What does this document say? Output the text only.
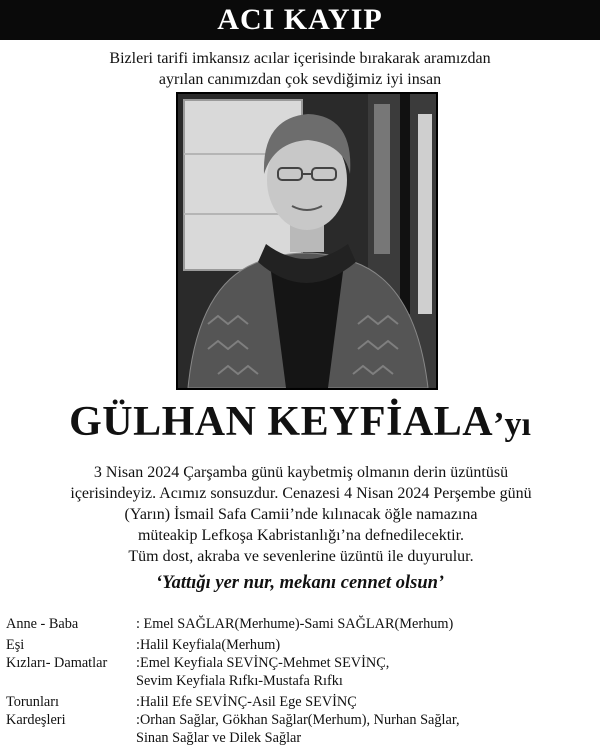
ACI KAYIP
Bizleri tarifi imkansız acılar içerisinde bırakarak aramızdan
ayrılan canımızdan çok sevdiğimiz iyi insan
GÜLHAN KEYFİALA’yı
3 Nisan 2024 Çarşamba günü kaybetmiş olmanın derin üzüntüsü
içerisindeyiz. Acımız sonsuzdur. Cenazesi 4 Nisan 2024 Perşembe günü
(Yarın) İsmail Safa Camii’nde kılınacak öğle namazına
müteakip Lefkoşa Kabristanlığı’na defnedilecektir.
Tüm dost, akraba ve sevenlerine üzüntü ile duyurulur.
‘Yattığı yer nur, mekanı cennet olsun’
Anne - Baba	: Emel SAĞLAR(Merhume)-Sami SAĞLAR(Merhum)
Eşi	:Halil Keyfiala(Merhum)
Kızları- Damatlar	:Emel Keyfiala SEVİNÇ-Mehmet SEVİNÇ,
Sevim Keyfiala Rıfkı-Mustafa Rıfkı
Torunları	:Halil Efe SEVİNÇ-Asil Ege SEVİNÇ
Kardeşleri	:Orhan Sağlar, Gökhan Sağlar(Merhum), Nurhan Sağlar,
Sinan Sağlar ve Dilek Sağlar
